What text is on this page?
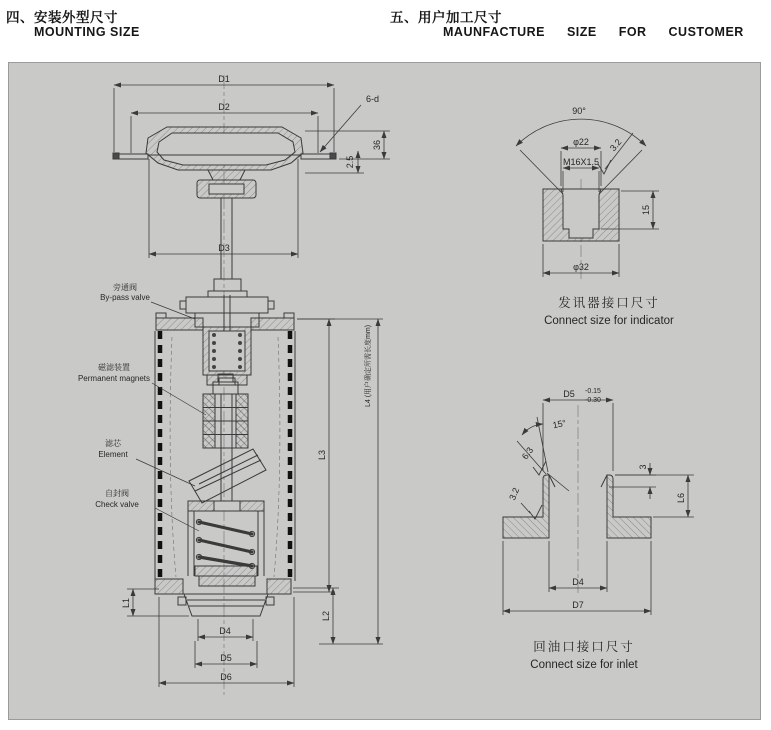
四、安装外型尺寸
MOUNTING SIZE
五、用户加工尺寸
MAUNFACTURE  SIZE  FOR  CUSTOMER
D1
D2
6-d
36
2.5
D3
旁通阀
By-pass valve
磁滤装置
Permanent magnets
滤芯
Element
自封阀
Check valve
L1
L2
D4
D5
D6
L3
L4 (用户确定所需长度mm)
90°
φ22
M16X1.5
3.2
15
φ32
发讯器接口尺寸
Connect size for indicator
D5 -0.15
-0.30
15°
6.3
3.2
3
L6
D4
D7
回油口接口尺寸
Connect size for inlet
